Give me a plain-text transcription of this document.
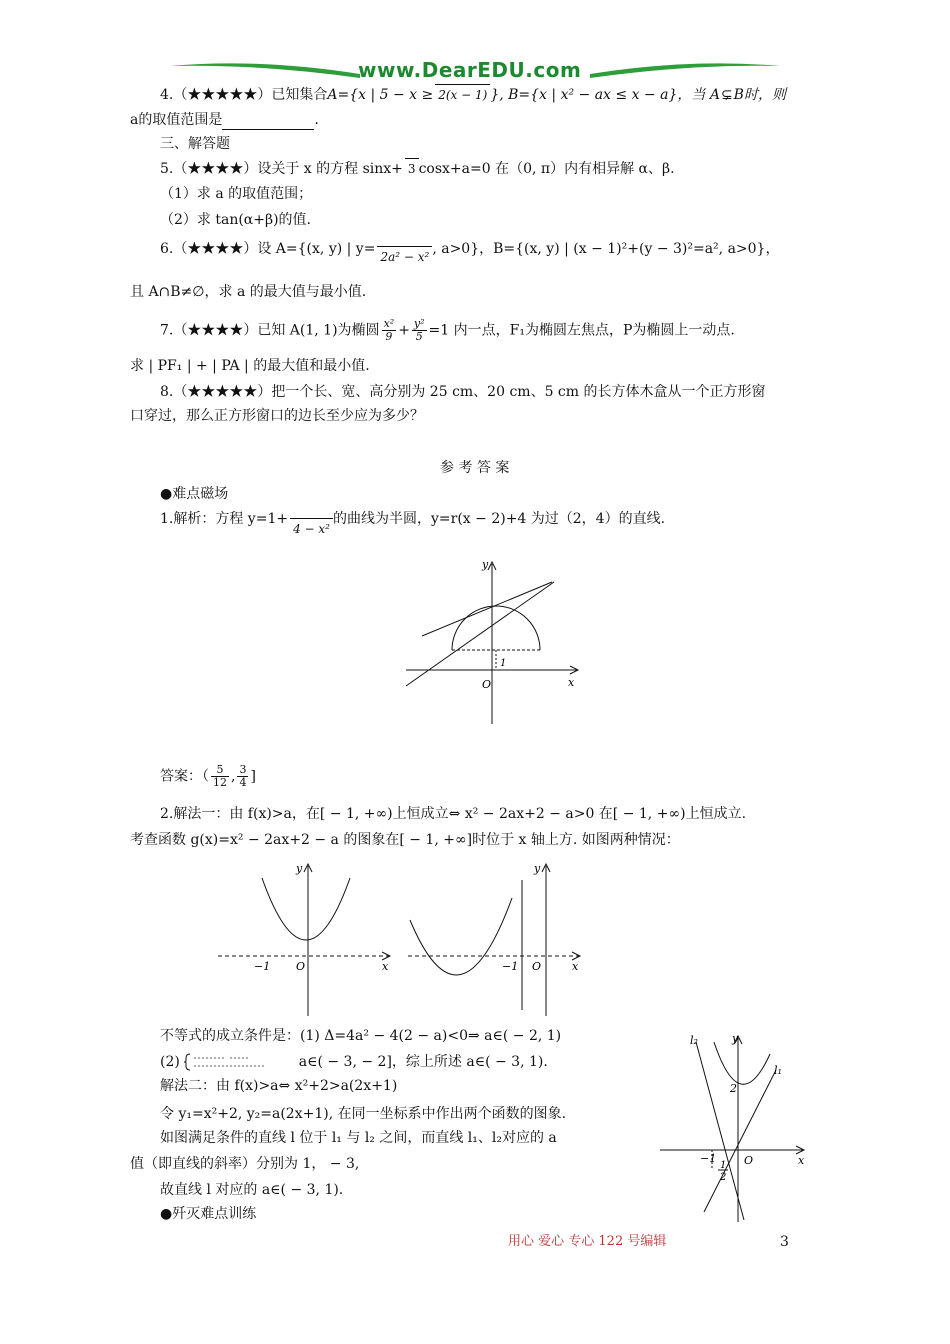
www.DearEDU.com
4.（★★★★★）已知集合A={x | 5 − x ≥ 2(x − 1) }, B={x | x² − ax ≤ x − a}，当 A⊊B时，则
a的取值范围是	.
三、解答题
5.（★★★★）设关于 x 的方程 sinx+ 3 cosx+a=0 在（0, π）内有相异解 α、β.
（1）求 a 的取值范围；
（2）求 tan(α+β)的值.
6.（★★★★）设 A={(x, y) | y= 2a² − x² , a>0}，B={(x, y) | (x − 1)²+(y − 3)²=a², a>0}，
且 A∩B≠∅，求 a 的最大值与最小值.
7.（★★★★）已知 A(1, 1)为椭圆 $\frac{\text{x²}}{9} + \frac{\text{y²}}{5} =1$ 内一点，F₁为椭圆左焦点，P为椭圆上一动点.
求 | PF₁ | + | PA | 的最大值和最小值.
8.（★★★★★）把一个长、宽、高分别为 25 cm、20 cm、5 cm 的长方体木盒从一个正方形窗
口穿过，那么正方形窗口的边长至少应为多少？
参 考 答 案
●难点磁场
1.解析：方程 y=1+4 − x²的曲线为半圆，y=r(x − 2)+4 为过（2，4）的直线.
y
x
O
1
答案：（ $\frac{5}{12}$ , $\frac{3}{4}$ ]
2.解法一：由 f(x)>a，在[ − 1, +∞)上恒成立⇔ x² − 2ax+2 − a>0 在[ − 1, +∞)上恒成立.
考查函数 g(x)=x² − 2ax+2 − a 的图象在[ − 1, +∞]时位于 x 轴上方. 如图两种情况：
y
x
O
−1
y
x
O
−1
不等式的成立条件是：(1) Δ=4a² − 4(2 − a)<0⇒ a∈( − 2, 1)
(2)	a∈( − 3, − 2]，综上所述 a∈( − 3, 1).
解法二：由 f(x)>a⇔ x²+2>a(2x+1)
令 y₁=x²+2, y₂=a(2x+1), 在同一坐标系中作出两个函数的图象.
如图满足条件的直线 l 位于 l₁ 与 l₂ 之间，而直线 l₁、l₂对应的 a
值（即直线的斜率）分别为 1， − 3,
故直线 l 对应的 a∈( − 3, 1).
l₂	y
l₁
2
x
O
−1
1
2
●歼灭难点训练
用心 爱心 专心 122 号编辑	3
